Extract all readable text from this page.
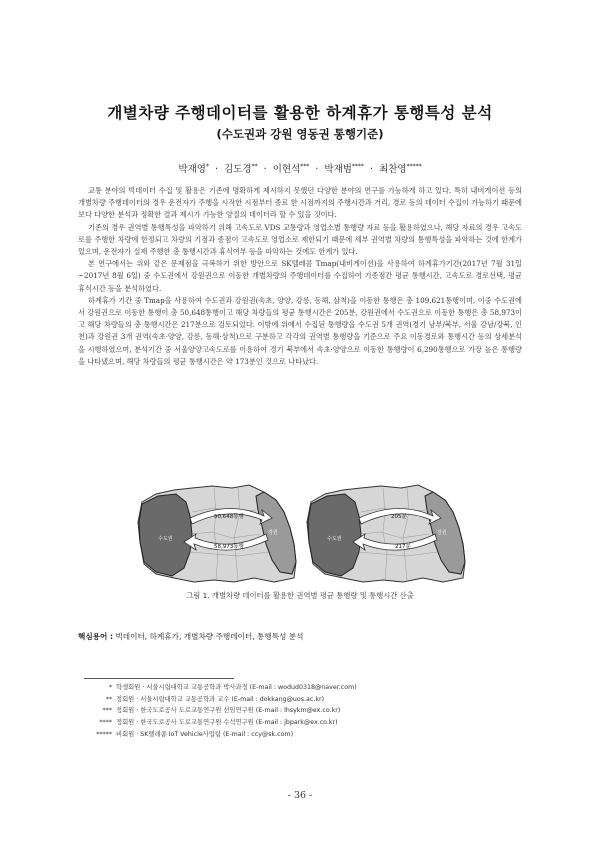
개별차량 주행데이터를 활용한 하계휴가 통행특성 분석
(수도권과 강원 영동권 통행기준)
박재영* · 김도경** · 이현석*** · 박재범**** · 최찬영*****

교통 분야의 빅데이터 수집 및 활용은 기존에 명확하게 제시하지 못했던 다양한 분야의 연구를 가능하게 하고 있다. 특히 내비게이션 등의 개별차량 주행데이터의 경우 운전자가 주행을 시작한 시점부터 종료 한 시점까지의 주행시간과 거리, 경로 등의 데이터 수집이 가능하기 때문에 보다 다양한 분석과 정확한 결과 제시가 가능한 양질의 데이터라 할 수 있을 것이다.

기존의 경우 권역별 통행특성을 파악하기 위해 고속도로 VDS 교통량과 영업소별 통행량 자료 등을 활용하였으나, 해당 자료의 경우 고속도로를 주행한 차량에 한정되고 차량의 기점과 종점이 고속도로 영업소로 제한되기 때문에 세부 권역별 차량의 통행특성을 파악하는 것에 한계가 있으며, 운전자가 실제 주행한 총 통행시간과 휴식여부 등을 파악하는 것에도 한계가 있다.

본 연구에서는 위와 같은 문제점을 극복하기 위한 방안으로 SK텔레콤 Tmap(내비게이션)을 사용하여 하계휴가기간(2017년 7월 31일~2017년 8월 6일) 중 수도권에서 강원권으로 이동한 개별차량의 주행데이터를 수집하여 기종점간 평균 통행시간, 고속도로 경로선택, 평균 휴식시간 등을 분석하였다.

하계휴가 기간 중 Tmap을 사용하여 수도권과 강원권(속초, 양양, 강릉, 동해, 삼척)을 이동한 통행은 총 109,621통행이며, 이중 수도권에서 강원권으로 이동한 통행이 총 50,648통행이고 해당 차량들의 평균 통행시간은 205분, 강원권에서 수도권으로 이동한 통행은 총 58,973이고 해당 차량들의 총 통행시간은 217분으로 검토되었다. 이밖에 위에서 수집된 통행량을 수도권 5개 권역(경기 남부/북부, 서울 강남/강북, 인천)과 강원권 3개 권역(속초·양양, 강릉, 동해·삼척)으로 구분하고 각각의 권역별 통행량을 기준으로 주요 이동경로와 통행시간 등의 상세분석을 시행하였으며, 분석기간 중 서울양양고속도로를 이용하여 경기 북부에서 속초·양양으로 이동한 통행량이 6,290통행으로 가장 높은 통행량을 나타냈으며, 해당 차량들의 평균 통행시간은 약 173분인 것으로 나타났다.

수도권
강원
50,648통행
58,973통행
수도권
강원
205분
217분
그림 1. 개별차량 데이터를 활용한 권역별 평균 통행량 및 통행시간 산출
핵심용어 : 빅데이터, 하계휴가, 개별차량 주행데이터, 통행특성 분석
* 학생회원 · 서울시립대학교 교통공학과 박사과정 (E-mail : wodud0318@naver.com)
** 정회원 · 서울시립대학교 교통공학과 교수 (E-mail : dokkang@uos.ac.kr)
*** 정회원 · 한국도로공사 도로교통연구원 선임연구원 (E-mail : lhsykm@ex.co.kr)
**** 정회원 · 한국도로공사 도로교통연구원 수석연구원 (E-mail : jbpark@ex.co.kr)
***** 비회원 · SK텔레콤 IoT Vehicle사업팀 (E-mail : ccy@sk.com)
- 36 -
